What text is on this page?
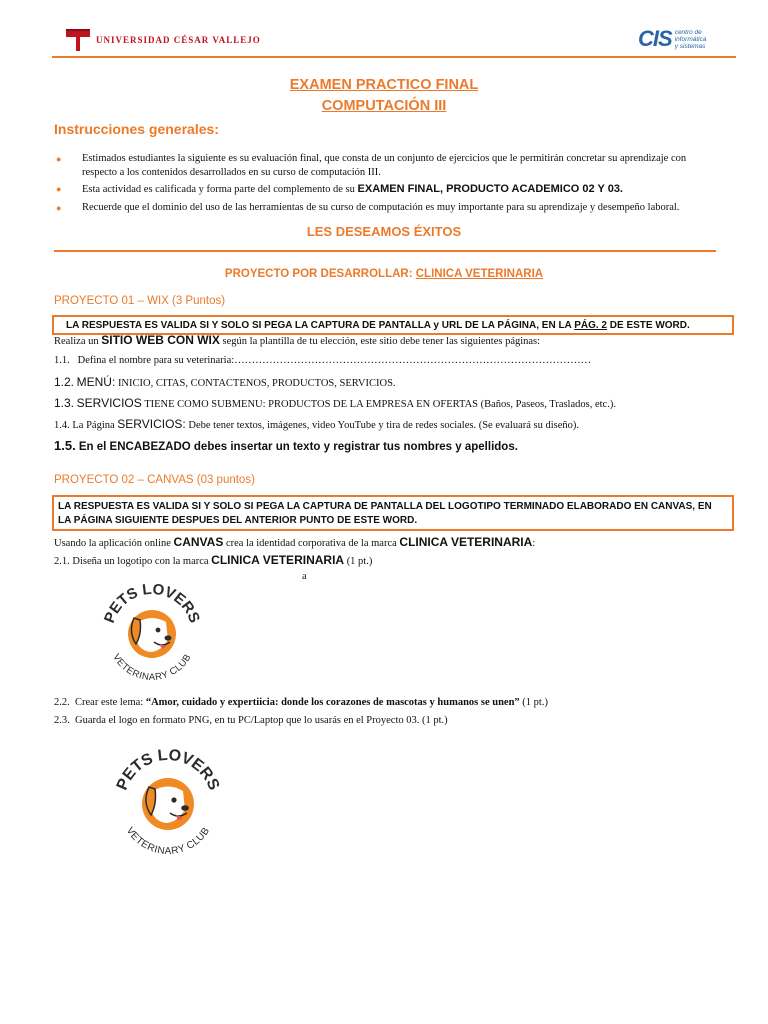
UNIVERSIDAD CÉSAR VALLEJO	CIS centro de
informática
y sistemas
EXAMEN PRACTICO FINAL
COMPUTACIÓN III
Instrucciones generales:
● Estimados estudiantes la siguiente es su evaluación final, que consta de un conjunto de ejercicios que le permitirán concretar su aprendizaje con respecto a los contenidos desarrollados en su curso de computación III.
● Esta actividad es calificada y forma parte del complemento de su EXAMEN FINAL, PRODUCTO ACADEMICO 02 Y 03.
● Recuerde que el dominio del uso de las herramientas de su curso de computación es muy importante para su aprendizaje y desempeño laboral.
LES DESEAMOS ÉXITOS
PROYECTO POR DESARROLLAR: CLINICA VETERINARIA
PROYECTO 01 – WIX (3 Puntos)
LA RESPUESTA ES VALIDA SI Y SOLO SI PEGA LA CAPTURA DE PANTALLA y URL DE LA PÁGINA, EN LA PÁG. 2 DE ESTE WORD.
Realiza un SITIO WEB CON WIX según la plantilla de tu elección, este sitio debe tener las siguientes páginas:
1.1. Defina el nombre para su veterinaria:…………………………………………………………………………………………
1.2. MENÚ: INICIO, CITAS, CONTACTENOS, PRODUCTOS, SERVICIOS.
1.3. SERVICIOS TIENE COMO SUBMENU: PRODUCTOS DE LA EMPRESA EN OFERTAS (Baños, Paseos, Traslados, etc.).
1.4. La Página SERVICIOS: Debe tener textos, imágenes, video YouTube y tira de redes sociales. (Se evaluará su diseño).
1.5. En el ENCABEZADO debes insertar un texto y registrar tus nombres y apellidos.
PROYECTO 02 – CANVAS (03 puntos)
LA RESPUESTA ES VALIDA SI Y SOLO SI PEGA LA CAPTURA DE PANTALLA DEL LOGOTIPO TERMINADO ELABORADO EN CANVAS, EN LA PÁGINA SIGUIENTE DESPUES DEL ANTERIOR PUNTO DE ESTE WORD.
Usando la aplicación online CANVAS crea la identidad corporativa de la marca CLINICA VETERINARIA:
2.1. Diseña un logotipo con la marca CLINICA VETERINARIA (1 pt.)
a
PETS LOVERS
VETERINARY CLUB
2.2. Crear este lema: “Amor, cuidado y expertiicia: donde los corazones de mascotas y humanos se unen” (1 pt.)
2.3. Guarda el logo en formato PNG, en tu PC/Laptop que lo usarás en el Proyecto 03. (1 pt.)
PETS LOVERS
VETERINARY CLUB
